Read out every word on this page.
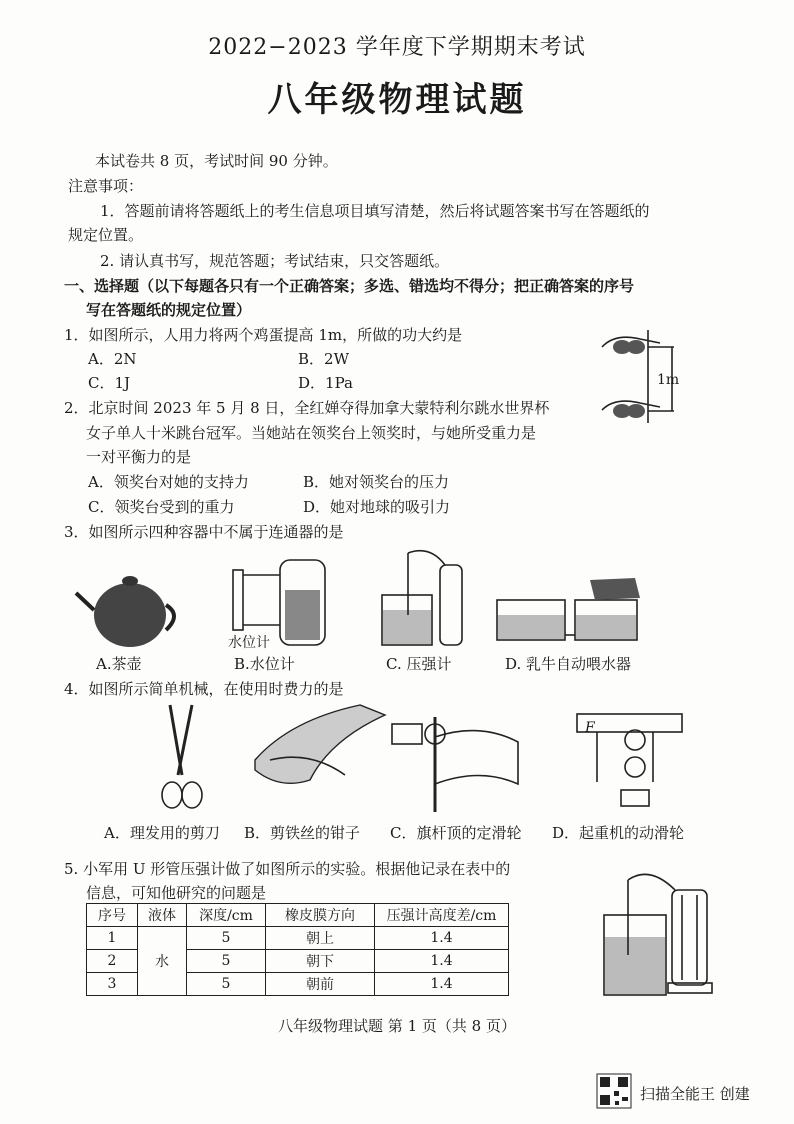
2022−2023 学年度下学期期末考试
八年级物理试题
本试卷共 8 页，考试时间 90 分钟。
注意事项：
1．答题前请将答题纸上的考生信息项目填写清楚，然后将试题答案书写在答题纸的
规定位置。
2. 请认真书写，规范答题；考试结束，只交答题纸。
一、选择题（以下每题各只有一个正确答案；多选、错选均不得分；把正确答案的序号
写在答题纸的规定位置）
1．如图所示，人用力将两个鸡蛋提高 1m，所做的功大约是
A．2N	B．2W
C．1J	D．1Pa	1m
2．北京时间 2023 年 5 月 8 日，全红婵夺得加拿大蒙特利尔跳水世界杯
女子单人十米跳台冠军。当她站在领奖台上领奖时，与她所受重力是
一对平衡力的是
A．领奖台对她的支持力	B．她对领奖台的压力
C．领奖台受到的重力	D．她对地球的吸引力
3．如图所示四种容器中不属于连通器的是
水位计
A.茶壶	B.水位计	C. 压强计	D. 乳牛自动喂水器
4．如图所示简单机械，在使用时费力的是
F
A．理发用的剪刀 B．剪铁丝的钳子 C．旗杆顶的定滑轮 D．起重机的动滑轮
5. 小军用 U 形管压强计做了如图所示的实验。根据他记录在表中的
信息，可知他研究的问题是
序号	液体	深度/cm	橡皮膜方向	压强计高度差/cm
1	水	5	朝上	1.4
2		5	朝下	1.4
3		5	朝前	1.4
八年级物理试题 第 1 页（共 8 页）
扫描全能王 创建
